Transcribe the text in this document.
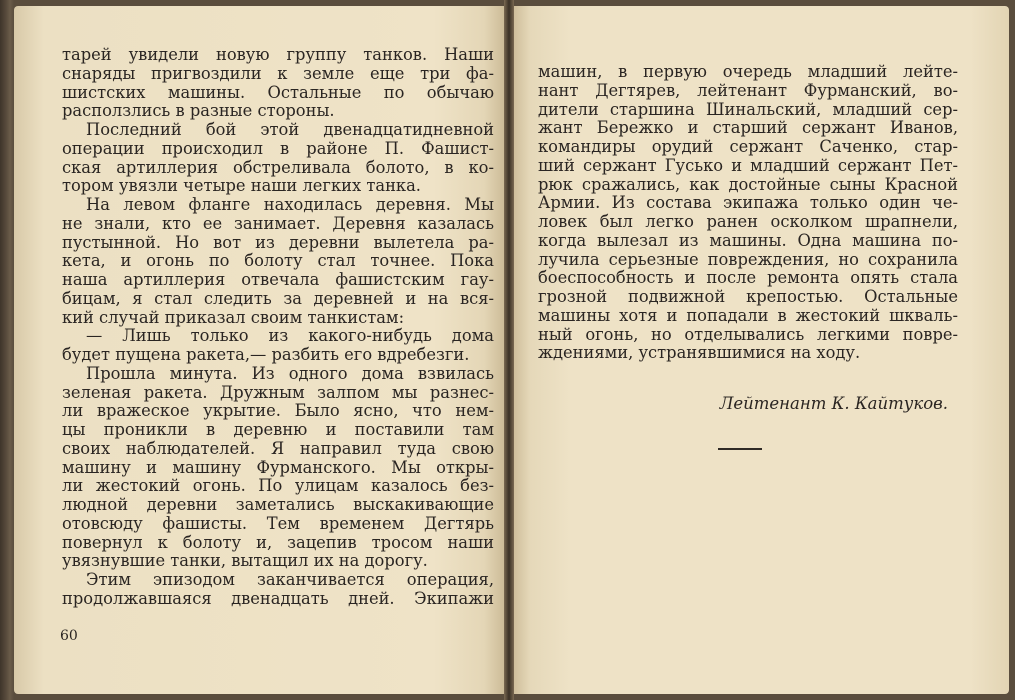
тарей увидели новую группу танков. Наши
снаряды пригвоздили к земле еще три фа-
шистских машины. Остальные по обычаю
расползлись в разные стороны.
Последний бой этой двенадцатидневной
операции происходил в районе П. Фашист-
ская артиллерия обстреливала болото, в ко-
тором увязли четыре наши легких танка.
На левом фланге находилась деревня. Мы
не знали, кто ее занимает. Деревня казалась
пустынной. Но вот из деревни вылетела ра-
кета, и огонь по болоту стал точнее. Пока
наша артиллерия отвечала фашистским гау-
бицам, я стал следить за деревней и на вся-
кий случай приказал своим танкистам:
— Лишь только из какого-нибудь дома
будет пущена ракета,— разбить его вдребезги.
Прошла минута. Из одного дома взвилась
зеленая ракета. Дружным залпом мы разнес-
ли вражеское укрытие. Было ясно, что нем-
цы проникли в деревню и поставили там
своих наблюдателей. Я направил туда свою
машину и машину Фурманского. Мы откры-
ли жестокий огонь. По улицам казалось без-
людной деревни заметались выскакивающие
отовсюду фашисты. Тем временем Дегтярь
повернул к болоту и, зацепив тросом наши
увязнувшие танки, вытащил их на дорогу.
Этим эпизодом заканчивается операция,
продолжавшаяся двенадцать дней. Экипажи
машин, в первую очередь младший лейте-
нант Дегтярев, лейтенант Фурманский, во-
дители старшина Шинальский, младший сер-
жант Бережко и старший сержант Иванов,
командиры орудий сержант Саченко, стар-
ший сержант Гусько и младший сержант Пет-
рюк сражались, как достойные сыны Красной
Армии. Из состава экипажа только один че-
ловек был легко ранен осколком шрапнели,
когда вылезал из машины. Одна машина по-
лучила серьезные повреждения, но сохранила
боеспособность и после ремонта опять стала
грозной подвижной крепостью. Остальные
машины хотя и попадали в жестокий шкваль-
ный огонь, но отделывались легкими повре-
ждениями, устранявшимися на ходу.
Лейтенант К. Кайтуков.
60
